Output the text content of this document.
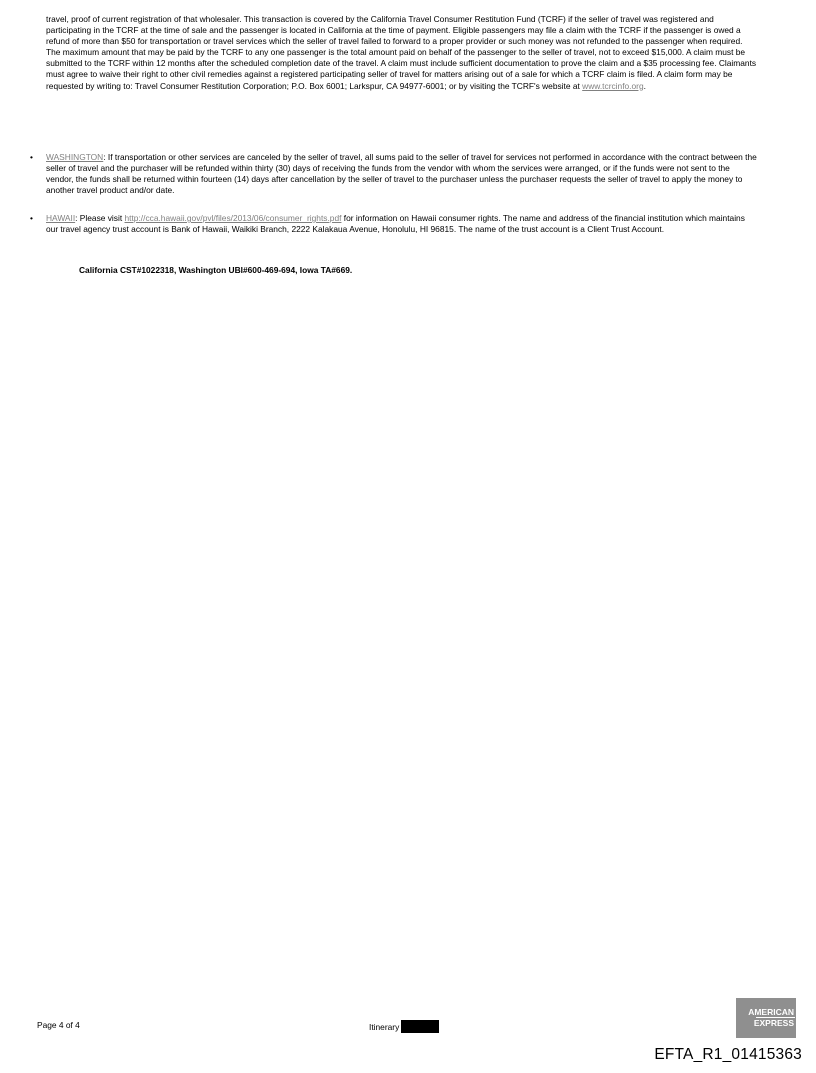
travel, proof of current registration of that wholesaler. This transaction is covered by the California Travel Consumer Restitution Fund (TCRF) if the seller of travel was registered and participating in the TCRF at the time of sale and the passenger is located in California at the time of payment. Eligible passengers may file a claim with the TCRF if the passenger is owed a refund of more than $50 for transportation or travel services which the seller of travel failed to forward to a proper provider or such money was not refunded to the passenger when required. The maximum amount that may be paid by the TCRF to any one passenger is the total amount paid on behalf of the passenger to the seller of travel, not to exceed $15,000. A claim must be submitted to the TCRF within 12 months after the scheduled completion date of the travel. A claim must include sufficient documentation to prove the claim and a $35 processing fee. Claimants must agree to waive their right to other civil remedies against a registered participating seller of travel for matters arising out of a sale for which a TCRF claim is filed. A claim form may be requested by writing to: Travel Consumer Restitution Corporation; P.O. Box 6001; Larkspur, CA 94977-6001; or by visiting the TCRF's website at www.tcrcinfo.org.

• WASHINGTON: If transportation or other services are canceled by the seller of travel, all sums paid to the seller of travel for services not performed in accordance with the contract between the seller of travel and the purchaser will be refunded within thirty (30) days of receiving the funds from the vendor with whom the services were arranged, or if the funds were not sent to the vendor, the funds shall be returned within fourteen (14) days after cancellation by the seller of travel to the purchaser unless the purchaser requests the seller of travel to apply the money to another travel product and/or date.

• HAWAII: Please visit http://cca.hawaii.gov/pvl/files/2013/06/consumer_rights.pdf for information on Hawaii consumer rights. The name and address of the financial institution which maintains our travel agency trust account is Bank of Hawaii, Waikiki Branch, 2222 Kalakaua Avenue, Honolulu, HI 96815. The name of the trust account is a Client Trust Account.

California CST#1022318, Washington UBI#600-469-694, Iowa TA#669.
Page 4 of 4	Itinerary
AMERICAN
EXPRESS
EFTA_R1_01415363
